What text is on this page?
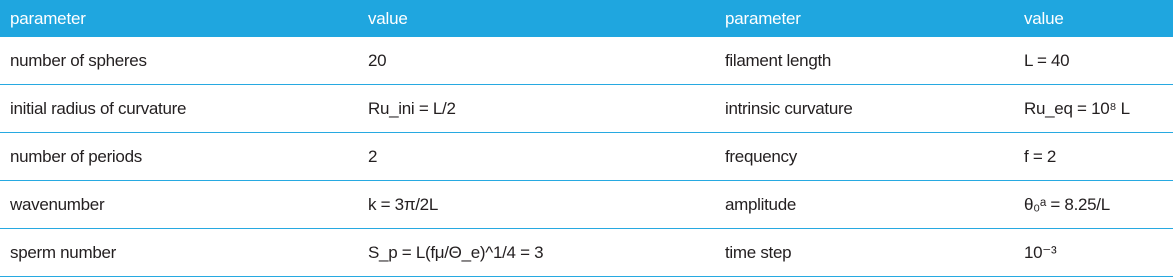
parameter	value	parameter	value
number of spheres	20	filament length	L = 40
initial radius of curvature	Ru_ini = L/2	intrinsic curvature	Ru_eq = 10⁸ L
number of periods	2	frequency	f = 2
wavenumber	k = 3π/2L	amplitude	θ₀ᵃ = 8.25/L
sperm number	S_p = L(fμ/Θ_e)^1/4 = 3	time step	10⁻³
